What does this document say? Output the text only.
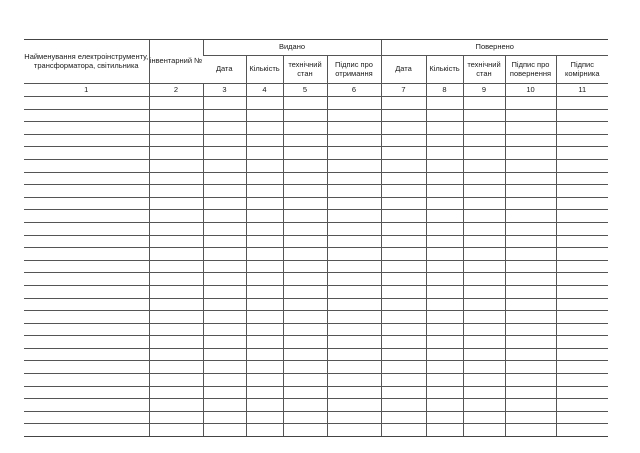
Найменування електроінструменту, трансформатора, світильника	інвентарний №	Видано				Повернено				
		Дата	Кількість	технічний стан	Підпис про отримання	Дата	Кількість	технічний стан	Підпис про повернення	Підпис комірника
1	2	3	4	5	6	7	8	9	10	11
